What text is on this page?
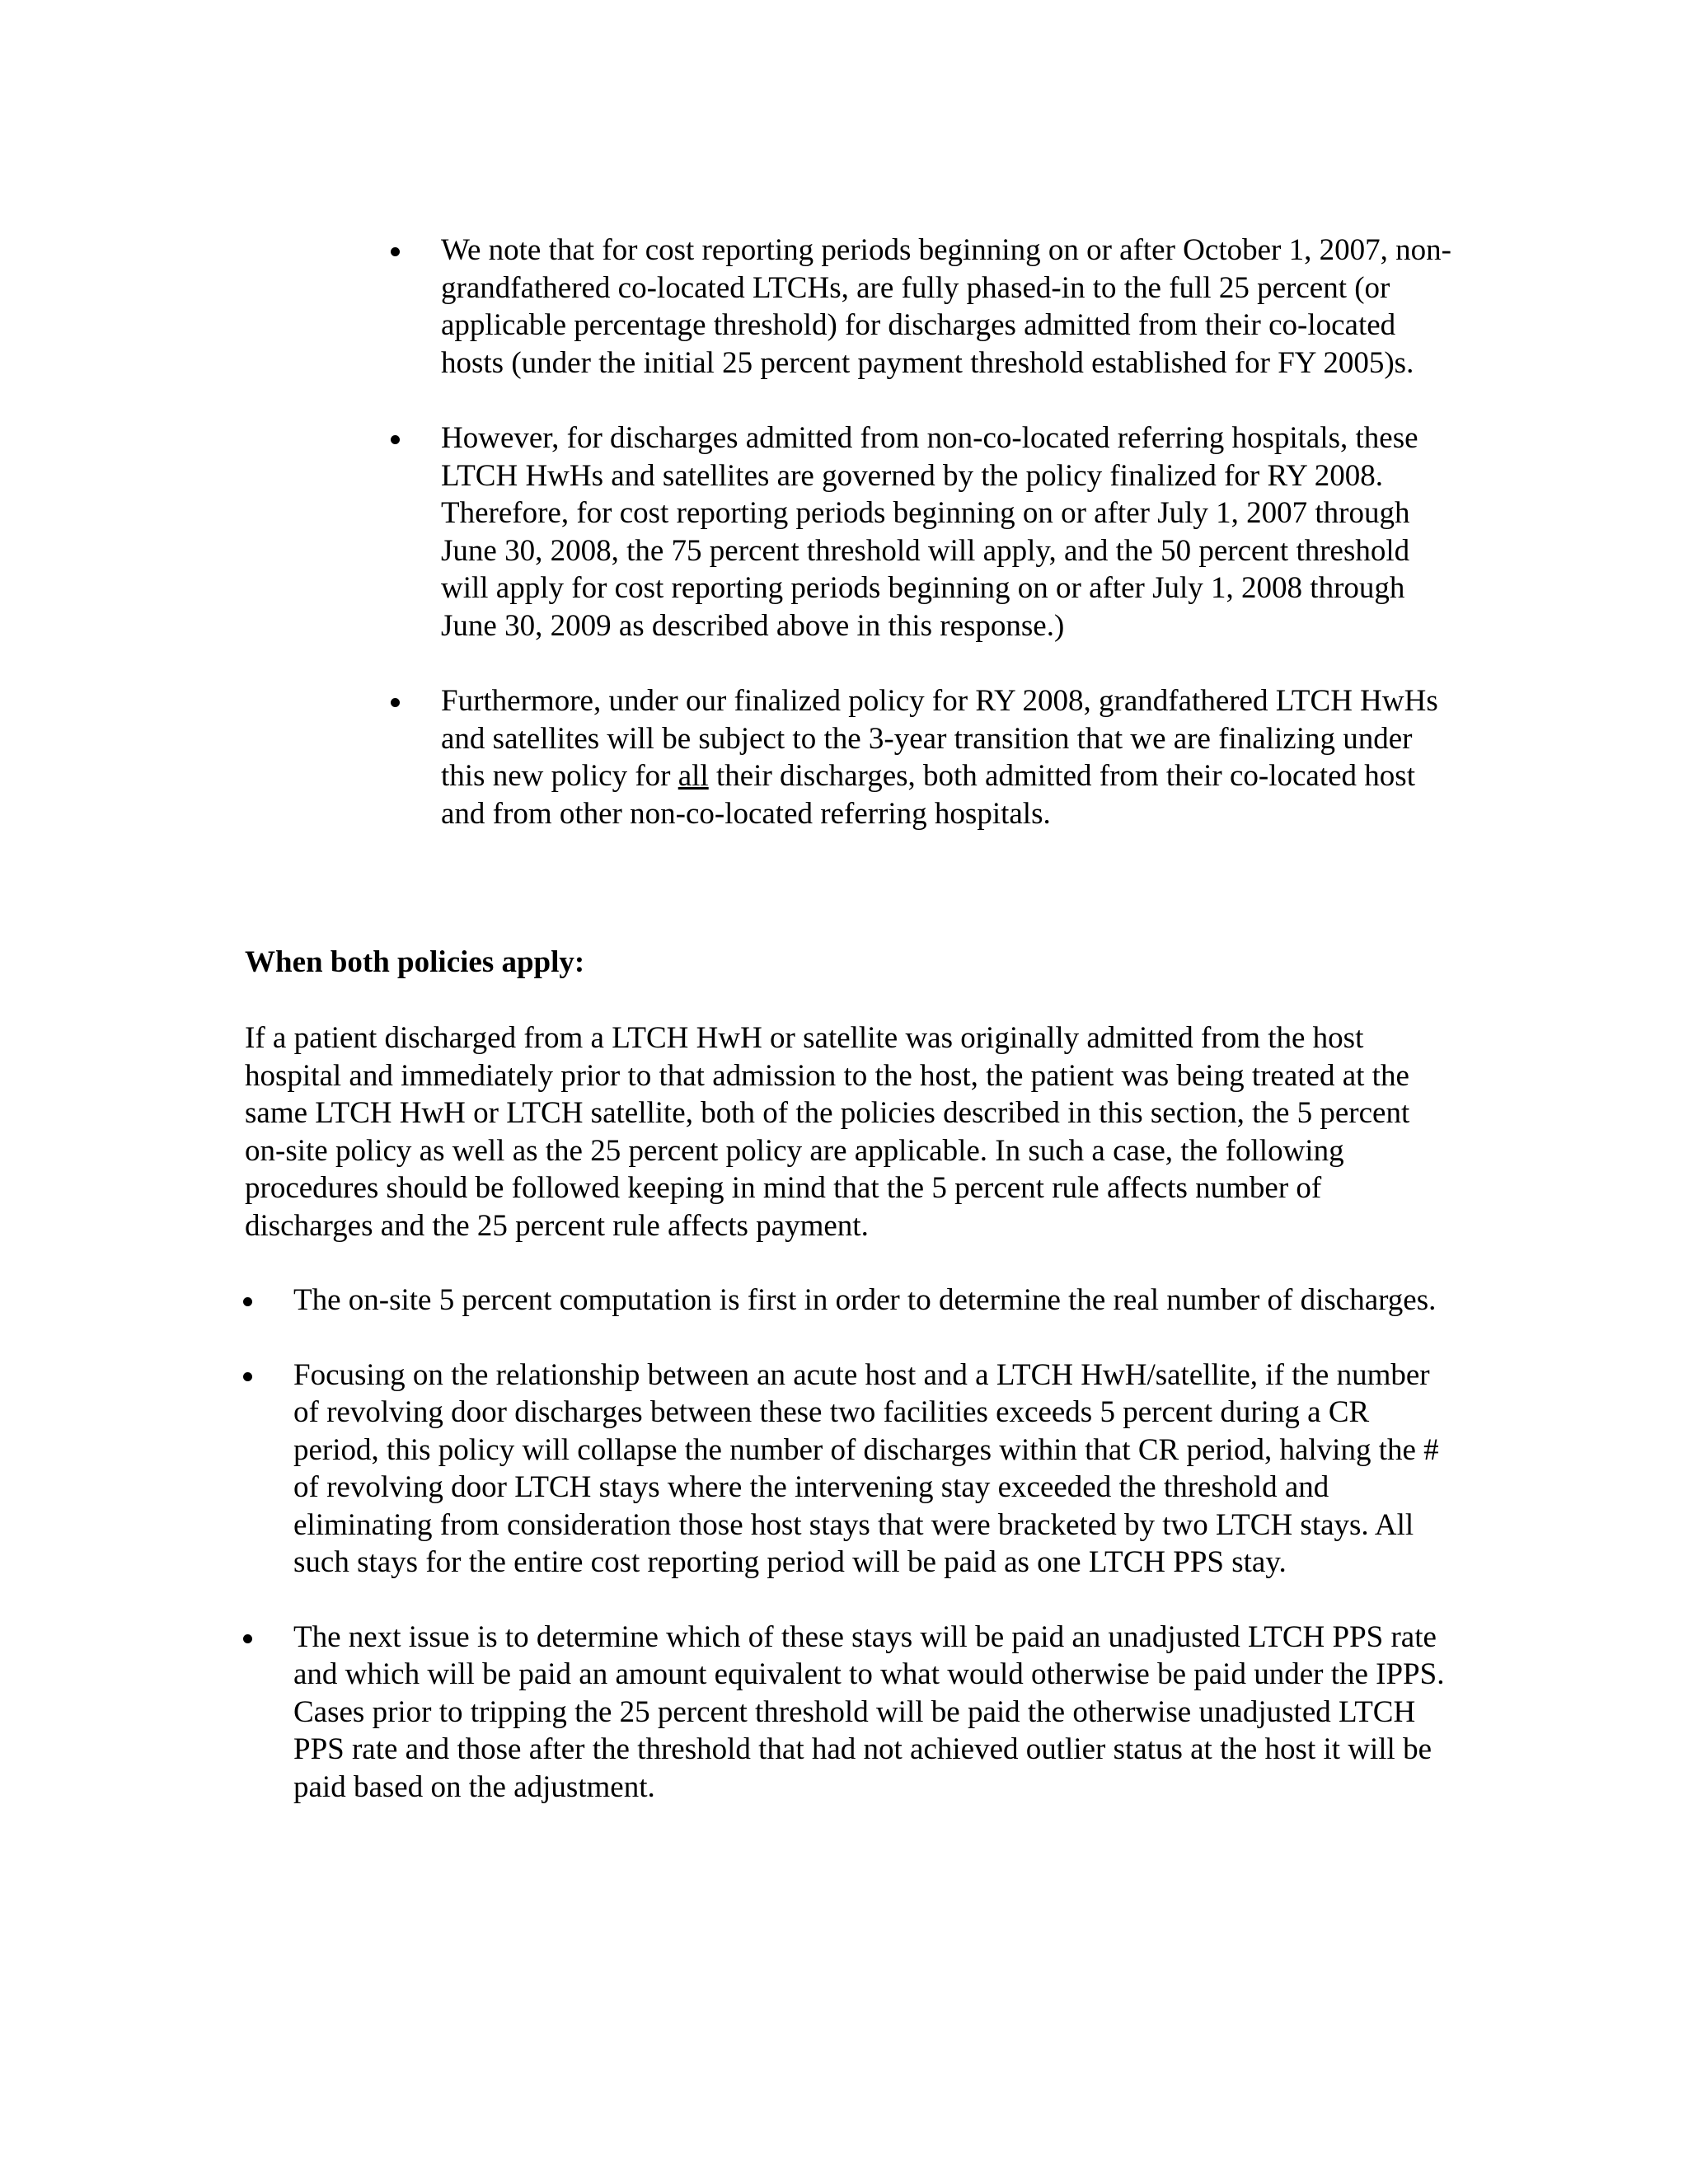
We note that for cost reporting periods beginning on or after October 1, 2007, non-grandfathered co-located LTCHs, are fully phased-in to the full 25 percent (or applicable percentage threshold) for discharges admitted from their co-located hosts (under the initial 25 percent payment threshold established for FY 2005)s.
However, for discharges admitted from non-co-located referring hospitals, these LTCH HwHs and satellites are governed by the policy finalized for RY 2008. Therefore, for cost reporting periods beginning on or after July 1, 2007 through June 30, 2008, the 75 percent threshold will apply, and the 50 percent threshold will apply for cost reporting periods beginning on or after July 1, 2008 through June 30, 2009 as described above in this response.)
Furthermore, under our finalized policy for RY 2008, grandfathered LTCH HwHs and satellites will be subject to the 3-year transition that we are finalizing under this new policy for all their discharges, both admitted from their co-located host and from other non-co-located referring hospitals.

When both policies apply:

If a patient discharged from a LTCH HwH or satellite was originally admitted from the host hospital and immediately prior to that admission to the host, the patient was being treated at the same LTCH HwH or LTCH satellite, both of the policies described in this section, the 5 percent on-site policy as well as the 25 percent policy are applicable. In such a case, the following procedures should be followed keeping in mind that the 5 percent rule affects number of discharges and the 25 percent rule affects payment.

The on-site 5 percent computation is first in order to determine the real number of discharges.
Focusing on the relationship between an acute host and a LTCH HwH/satellite, if the number of revolving door discharges between these two facilities exceeds 5 percent during a CR period, this policy will collapse the number of discharges within that CR period, halving the # of revolving door LTCH stays where the intervening stay exceeded the threshold and eliminating from consideration those host stays that were bracketed by two LTCH stays. All such stays for the entire cost reporting period will be paid as one LTCH PPS stay.
The next issue is to determine which of these stays will be paid an unadjusted LTCH PPS rate and which will be paid an amount equivalent to what would otherwise be paid under the IPPS. Cases prior to tripping the 25 percent threshold will be paid the otherwise unadjusted LTCH PPS rate and those after the threshold that had not achieved outlier status at the host it will be paid based on the adjustment.
